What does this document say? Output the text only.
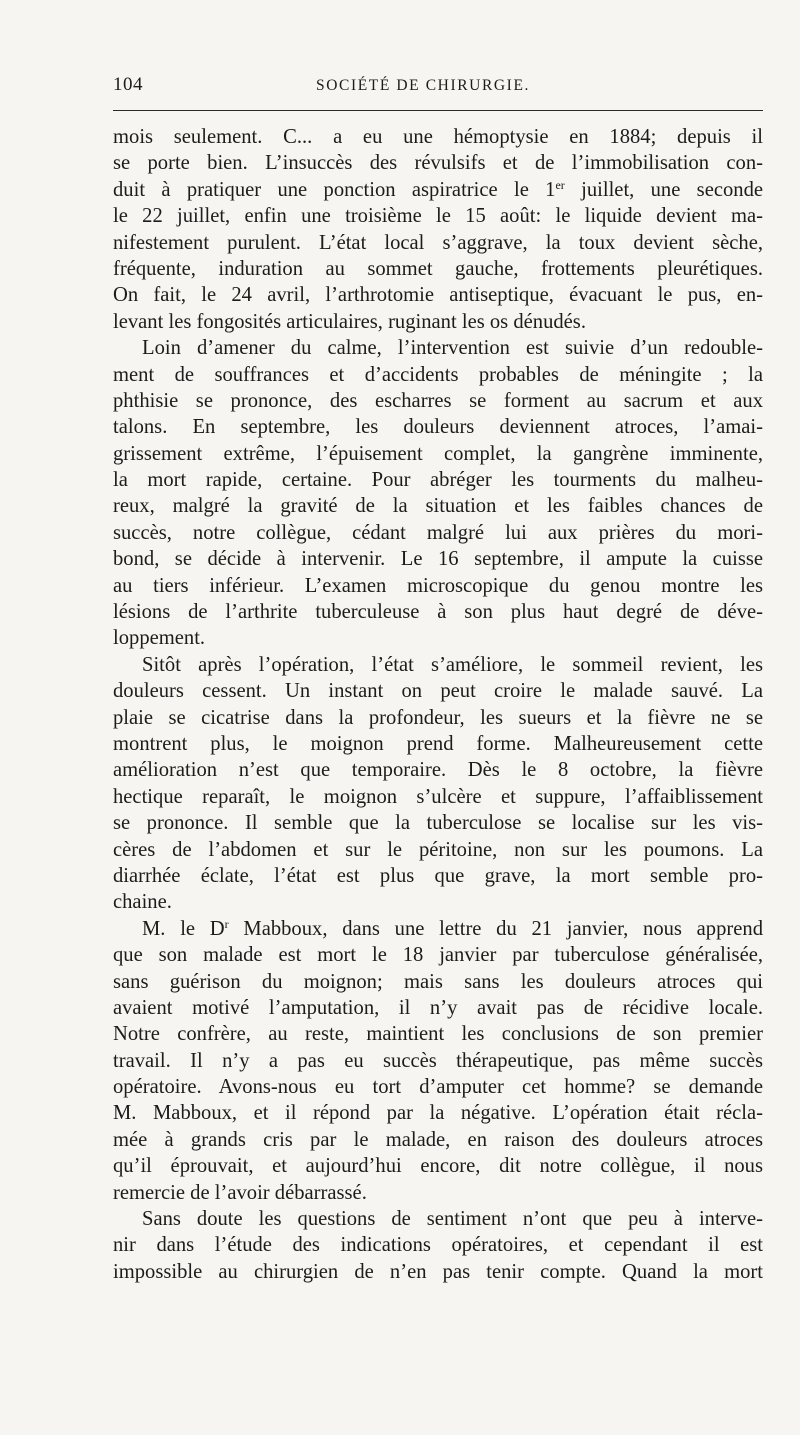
104	SOCIÉTÉ DE CHIRURGIE.
mois seulement. C... a eu une hémoptysie en 1884; depuis il
se porte bien. L’insuccès des révulsifs et de l’immobilisation con-
duit à pratiquer une ponction aspiratrice le 1er juillet, une seconde
le 22 juillet, enfin une troisième le 15 août: le liquide devient ma-
nifestement purulent. L’état local s’aggrave, la toux devient sèche,
fréquente, induration au sommet gauche, frottements pleurétiques.
On fait, le 24 avril, l’arthrotomie antiseptique, évacuant le pus, en-
levant les fongosités articulaires, ruginant les os dénudés.
Loin d’amener du calme, l’intervention est suivie d’un redouble-
ment de souffrances et d’accidents probables de méningite ; la
phthisie se prononce, des escharres se forment au sacrum et aux
talons. En septembre, les douleurs deviennent atroces, l’amai-
grissement extrême, l’épuisement complet, la gangrène imminente,
la mort rapide, certaine. Pour abréger les tourments du malheu-
reux, malgré la gravité de la situation et les faibles chances de
succès, notre collègue, cédant malgré lui aux prières du mori-
bond, se décide à intervenir. Le 16 septembre, il ampute la cuisse
au tiers inférieur. L’examen microscopique du genou montre les
lésions de l’arthrite tuberculeuse à son plus haut degré de déve-
loppement.
Sitôt après l’opération, l’état s’améliore, le sommeil revient, les
douleurs cessent. Un instant on peut croire le malade sauvé. La
plaie se cicatrise dans la profondeur, les sueurs et la fièvre ne se
montrent plus, le moignon prend forme. Malheureusement cette
amélioration n’est que temporaire. Dès le 8 octobre, la fièvre
hectique reparaît, le moignon s’ulcère et suppure, l’affaiblissement
se prononce. Il semble que la tuberculose se localise sur les vis-
cères de l’abdomen et sur le péritoine, non sur les poumons. La
diarrhée éclate, l’état est plus que grave, la mort semble pro-
chaine.
M. le $D^r$ Mabboux, dans une lettre du 21 janvier, nous apprend
que son malade est mort le 18 janvier par tuberculose généralisée,
sans guérison du moignon; mais sans les douleurs atroces qui
avaient motivé l’amputation, il n’y avait pas de récidive locale.
Notre confrère, au reste, maintient les conclusions de son premier
travail. Il n’y a pas eu succès thérapeutique, pas même succès
opératoire. Avons-nous eu tort d’amputer cet homme? se demande
M. Mabboux, et il répond par la négative. L’opération était récla-
mée à grands cris par le malade, en raison des douleurs atroces
qu’il éprouvait, et aujourd’hui encore, dit notre collègue, il nous
remercie de l’avoir débarrassé.
Sans doute les questions de sentiment n’ont que peu à interve-
nir dans l’étude des indications opératoires, et cependant il est
impossible au chirurgien de n’en pas tenir compte. Quand la mort
